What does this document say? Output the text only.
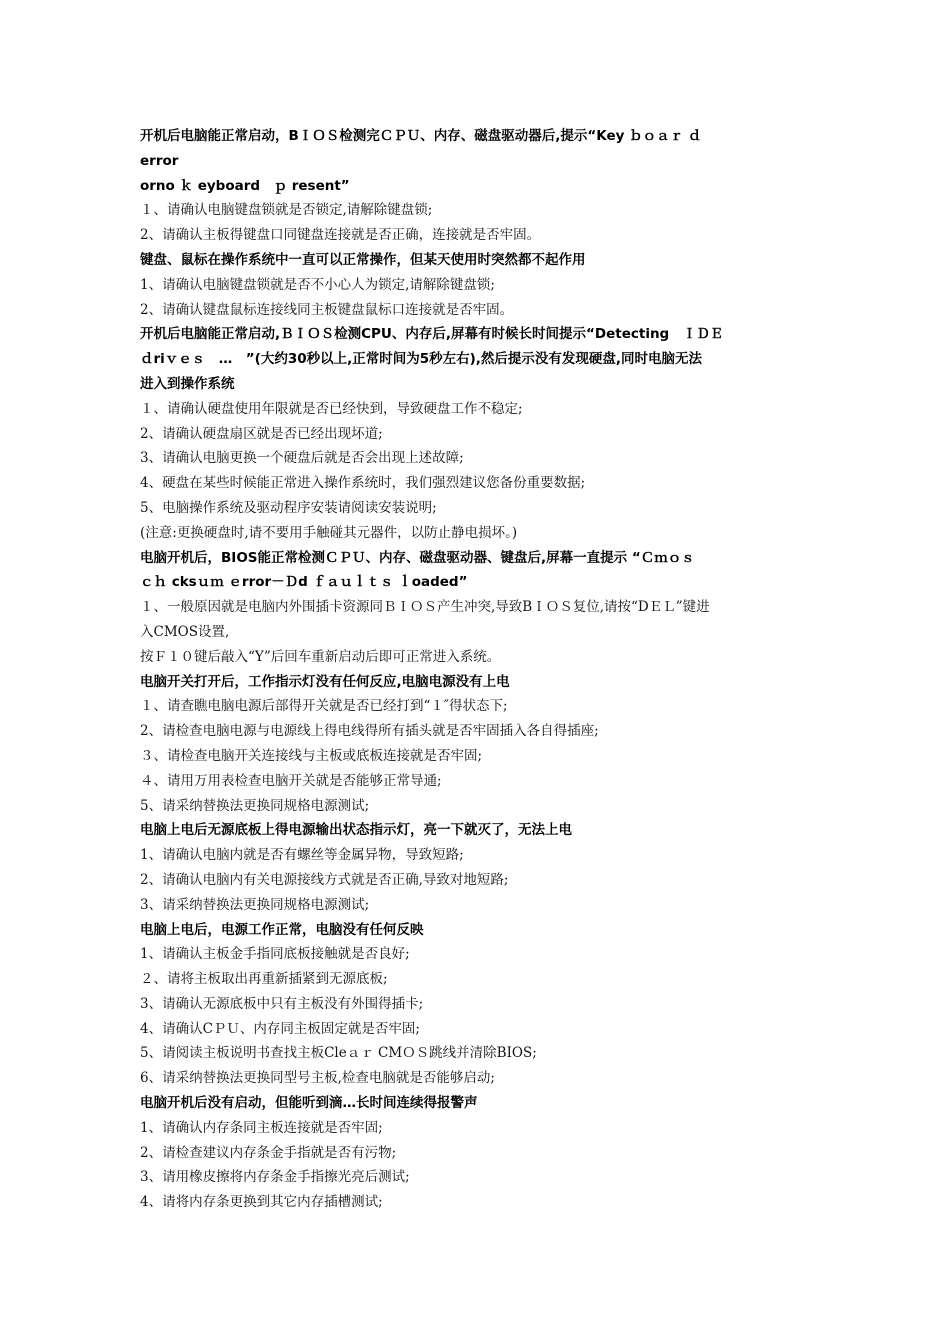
开机后电脑能正常启动，BＩＯＳ检测完ＣＰＵ、内存、磁盘驱动器后,提示“Key ｂｏａｒ ｄ

error

orno ｋ eyboard　ｐ resent”

１、请确认电脑键盘锁就是否锁定,请解除键盘锁;

2、请确认主板得键盘口同键盘连接就是否正确，连接就是否牢固。

键盘、鼠标在操作系统中一直可以正常操作，但某天使用时突然都不起作用

1、请确认电脑键盘锁就是否不小心人为锁定,请解除键盘锁;

2、请确认键盘鼠标连接线同主板键盘鼠标口连接就是否牢固。

开机后电脑能正常启动,ＢＩＯＳ检测CPU、内存后,屏幕有时候长时间提示“Detecting　ＩＤＥ

ｄriｖｅｓ　…　”(大约30秒以上,正常时间为5秒左右),然后提示没有发现硬盘,同时电脑无法

进入到操作系统

１、请确认硬盘使用年限就是否已经快到，导致硬盘工作不稳定;

2、请确认硬盘扇区就是否已经出现坏道;

3、请确认电脑更换一个硬盘后就是否会出现上述故障;

4、硬盘在某些时候能正常进入操作系统时，我们强烈建议您备份重要数据;

5、电脑操作系统及驱动程序安装请阅读安装说明;

(注意:更换硬盘时,请不要用手触碰其元器件，以防止静电损坏。)

电脑开机后，BIOS能正常检测ＣＰＵ、内存、磁盘驱动器、键盘后,屏幕一直提示 “Ｃｍｏｓ

ｃｈ cksｕｍ ｅrror－Ｄd ｆａｕｌｔｓ ｌoaded”

１、一般原因就是电脑内外围插卡资源同ＢＩＯＳ产生冲突,导致BＩＯＳ复位,请按“DＥＬ”键进

入CMOS设置,

按Ｆ１０键后敲入“Y”后回车重新启动后即可正常进入系统。

电脑开关打开后，工作指示灯没有任何反应,电脑电源没有上电

１、请查瞧电脑电源后部得开关就是否已经打到“１″得状态下;

2、请检查电脑电源与电源线上得电线得所有插头就是否牢固插入各自得插座;

３、请检查电脑开关连接线与主板或底板连接就是否牢固;

４、请用万用表检查电脑开关就是否能够正常导通;

5、请采纳替换法更换同规格电源测试;

电脑上电后无源底板上得电源输出状态指示灯，亮一下就灭了，无法上电

1、请确认电脑内就是否有螺丝等金属异物，导致短路;

2、请确认电脑内有关电源接线方式就是否正确,导致对地短路;

3、请采纳替换法更换同规格电源测试;

电脑上电后，电源工作正常，电脑没有任何反映

1、请确认主板金手指同底板接触就是否良好;

２、请将主板取出再重新插紧到无源底板;

3、请确认无源底板中只有主板没有外围得插卡;

4、请确认CＰＵ、内存同主板固定就是否牢固;

5、请阅读主板说明书查找主板Cleａｒ CMＯＳ跳线并清除BIOS;

6、请采纳替换法更换同型号主板,检查电脑就是否能够启动;

电脑开机后没有启动，但能听到滴…长时间连续得报警声

1、请确认内存条同主板连接就是否牢固;

2、请检查建议内存条金手指就是否有污物;

3、请用橡皮擦将内存条金手指擦光亮后测试;

4、请将内存条更换到其它内存插槽测试;
